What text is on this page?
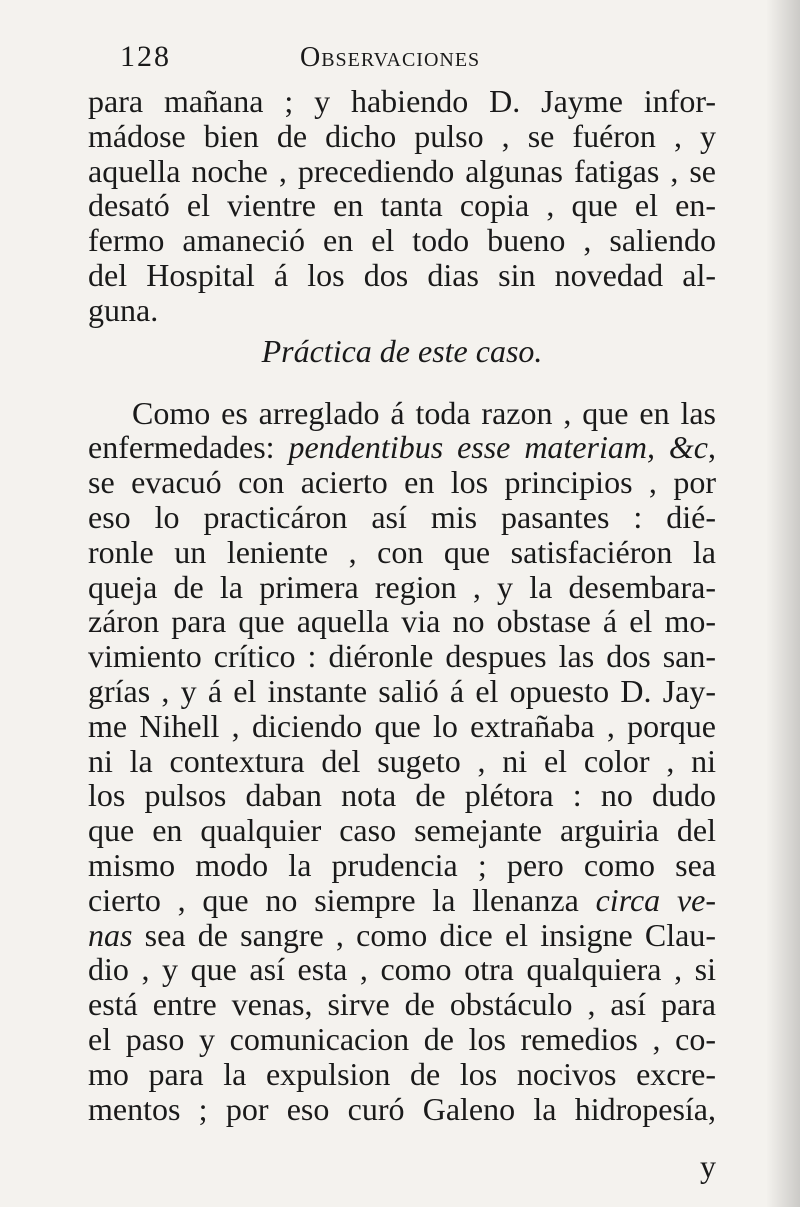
128	Observaciones
para mañana ; y habiendo D. Jayme infor-
mádose bien de dicho pulso , se fuéron , y
aquella noche , precediendo algunas fatigas , se
desató el vientre en tanta copia , que el en-
fermo amaneció en el todo bueno , saliendo
del Hospital á los dos dias sin novedad al-
guna.
Práctica de este caso.
Como es arreglado á toda razon , que en las
enfermedades: pendentibus esse materiam, &c,
se evacuó con acierto en los principios , por
eso lo practicáron así mis pasantes : dié-
ronle un leniente , con que satisfaciéron la
queja de la primera region , y la desembara-
záron para que aquella via no obstase á el mo-
vimiento crítico : diéronle despues las dos san-
grías , y á el instante salió á el opuesto D. Jay-
me Nihell , diciendo que lo extrañaba , porque
ni la contextura del sugeto , ni el color , ni
los pulsos daban nota de plétora : no dudo
que en qualquier caso semejante arguiria del
mismo modo la prudencia ; pero como sea
cierto , que no siempre la llenanza circa ve-
nas sea de sangre , como dice el insigne Clau-
dio , y que así esta , como otra qualquiera , si
está entre venas, sirve de obstáculo , así para
el paso y comunicacion de los remedios , co-
mo para la expulsion de los nocivos excre-
mentos ; por eso curó Galeno la hidropesía,
y
